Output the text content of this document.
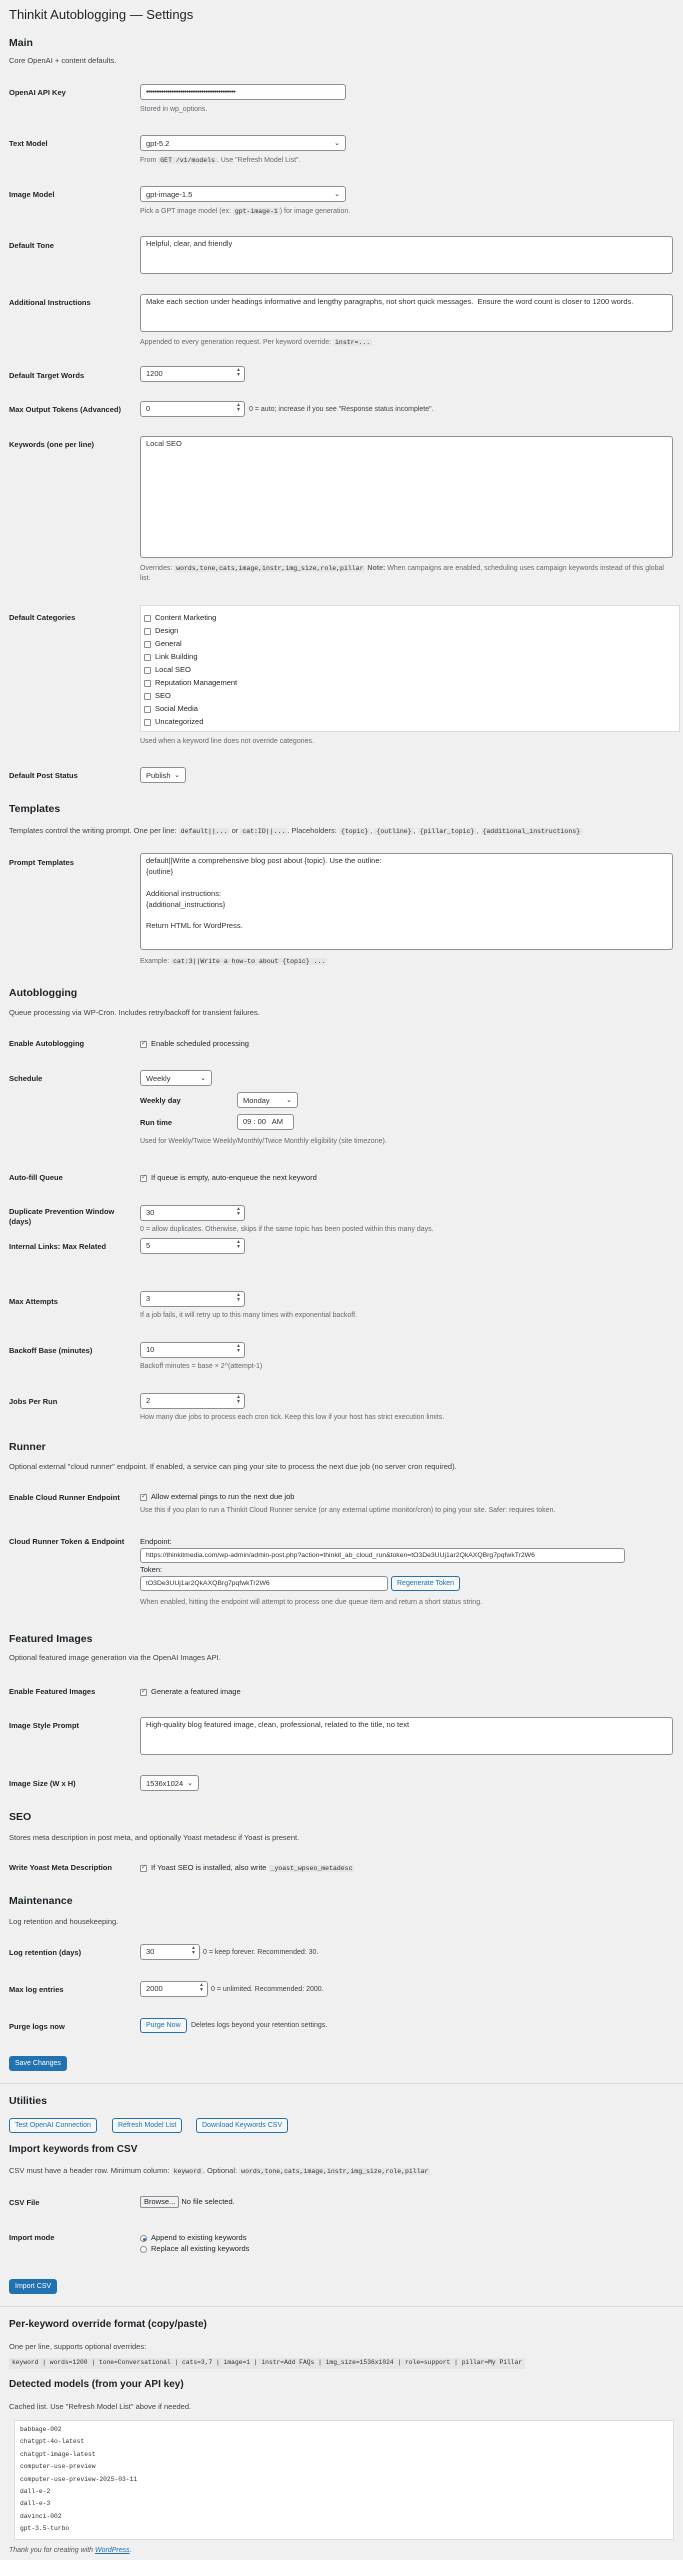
Thinkit Autoblogging — Settings
Main

Core OpenAI + content defaults.

OpenAI API Key	••••••••••••••••••••••••••••••••••••••••••
Stored in wp_options.
Text Model	gpt-5.2	⌄
From GET /v1/models . Use "Refresh Model List".
Image Model	gpt-image-1.5	⌄
Pick a GPT image model (ex: gpt-image-1 ) for image generation.
Default Tone	Helpful, clear, and friendly
Additional Instructions	Make each section under headings informative and lengthy paragraphs, not short quick messages.  Ensure the word count is closer to 1200 words.
Appended to every generation request. Per keyword override: instr=...
Default Target Words	1200	▲
▼
Max Output Tokens (Advanced)	0	▲
▼ 0 = auto; increase if you see "Response status incomplete".
Keywords (one per line)	Local SEO
Overrides: words,tone,cats,image,instr,img_size,role,pillar Note: When campaigns are enabled, scheduling uses campaign keywords instead of this global list.
Default Categories	Content Marketing
Design
General
Link Building
Local SEO
Reputation Management
SEO
Social Media
Uncategorized
Used when a keyword line does not override categories.
Default Post Status	Publish ⌄
Templates

Templates control the writing prompt. One per line: default||... or cat:ID||... . Placeholders: {topic} , {outline} , {pillar_topic} , {additional_instructions}

Prompt Templates	default||Write a comprehensive blog post about {topic}. Use the outline:
{outline}

Additional instructions:
{additional_instructions}

Return HTML for WordPress.
Example: cat:3||Write a how-to about {topic} ...
Autoblogging

Queue processing via WP-Cron. Includes retry/backoff for transient failures.

Enable Autoblogging ✓	Enable scheduled processing
Schedule	Weekly	⌄
Weekly day	Monday ⌄
Run time	09 : 00   AM
Used for Weekly/Twice Weekly/Monthly/Twice Monthly eligibility (site timezone).
Auto-fill Queue ✓	If queue is empty, auto-enqueue the next keyword
Duplicate Prevention Window (days)
30	▲
▼
0 = allow duplicates. Otherwise, skips if the same topic has been posted within this many days.
Internal Links: Max Related	5	▲
▼
Max Attempts	3	▲
▼
If a job fails, it will retry up to this many times with exponential backoff.
Backoff Base (minutes)	10	▲
▼
Backoff minutes = base × 2^(attempt-1)
Jobs Per Run	2	▲
▼
How many due jobs to process each cron tick. Keep this low if your host has strict execution limits.
Runner

Optional external "cloud runner" endpoint. If enabled, a service can ping your site to process the next due job (no server cron required).

Enable Cloud Runner Endpoint ✓	Allow external pings to run the next due job
Use this if you plan to run a Thinkit Cloud Runner service (or any external uptime monitor/cron) to ping your site. Safer: requires token.
Cloud Runner Token & Endpoint	Endpoint:
https://thinkitmedia.com/wp-admin/admin-post.php?action=thinkit_ab_cloud_run&token=tO3De3UUj1ar2QkAXQBrg7pqfwkTr2W6
Token:
tO3De3UUj1ar2QkAXQBrg7pqfwkTr2W6	Regenerate Token
When enabled, hitting the endpoint will attempt to process one due queue item and return a short status string.
Featured Images

Optional featured image generation via the OpenAI Images API.

Enable Featured Images ✓	Generate a featured image
Image Style Prompt	High-quality blog featured image, clean, professional, related to the title, no text
Image Size (W x H)	1536x1024 ⌄
SEO

Stores meta description in post meta, and optionally Yoast metadesc if Yoast is present.

Write Yoast Meta Description ✓	If Yoast SEO is installed, also write _yoast_wpseo_metadesc
Maintenance

Log retention and housekeeping.

Log retention (days)	30	▲
▼ 0 = keep forever. Recommended: 30.
Max log entries	2000	▲
▼ 0 = unlimited. Recommended: 2000.
Purge logs now	Purge Now	Deletes logs beyond your retention settings.
Save Changes
Utilities
Test OpenAI Connection	Refresh Model List	Download Keywords CSV
Import keywords from CSV

CSV must have a header row. Minimum column: keyword . Optional: words,tone,cats,image,instr,img_size,role,pillar

CSV File	Browse... No file selected.
Import mode	Append to existing keywords
Replace all existing keywords
Import CSV
Per-keyword override format (copy/paste)

One per line, supports optional overrides:

keyword | words=1200 | tone=Conversational | cats=3,7 | image=1 | instr=Add FAQs | img_size=1536x1024 | role=support | pillar=My Pillar
Detected models (from your API key)

Cached list. Use "Refresh Model List" above if needed.

babbage-002
chatgpt-4o-latest
chatgpt-image-latest
computer-use-preview
computer-use-preview-2025-03-11
dall-e-2
dall-e-3
davinci-002
gpt-3.5-turbo
Thank you for creating with WordPress.
